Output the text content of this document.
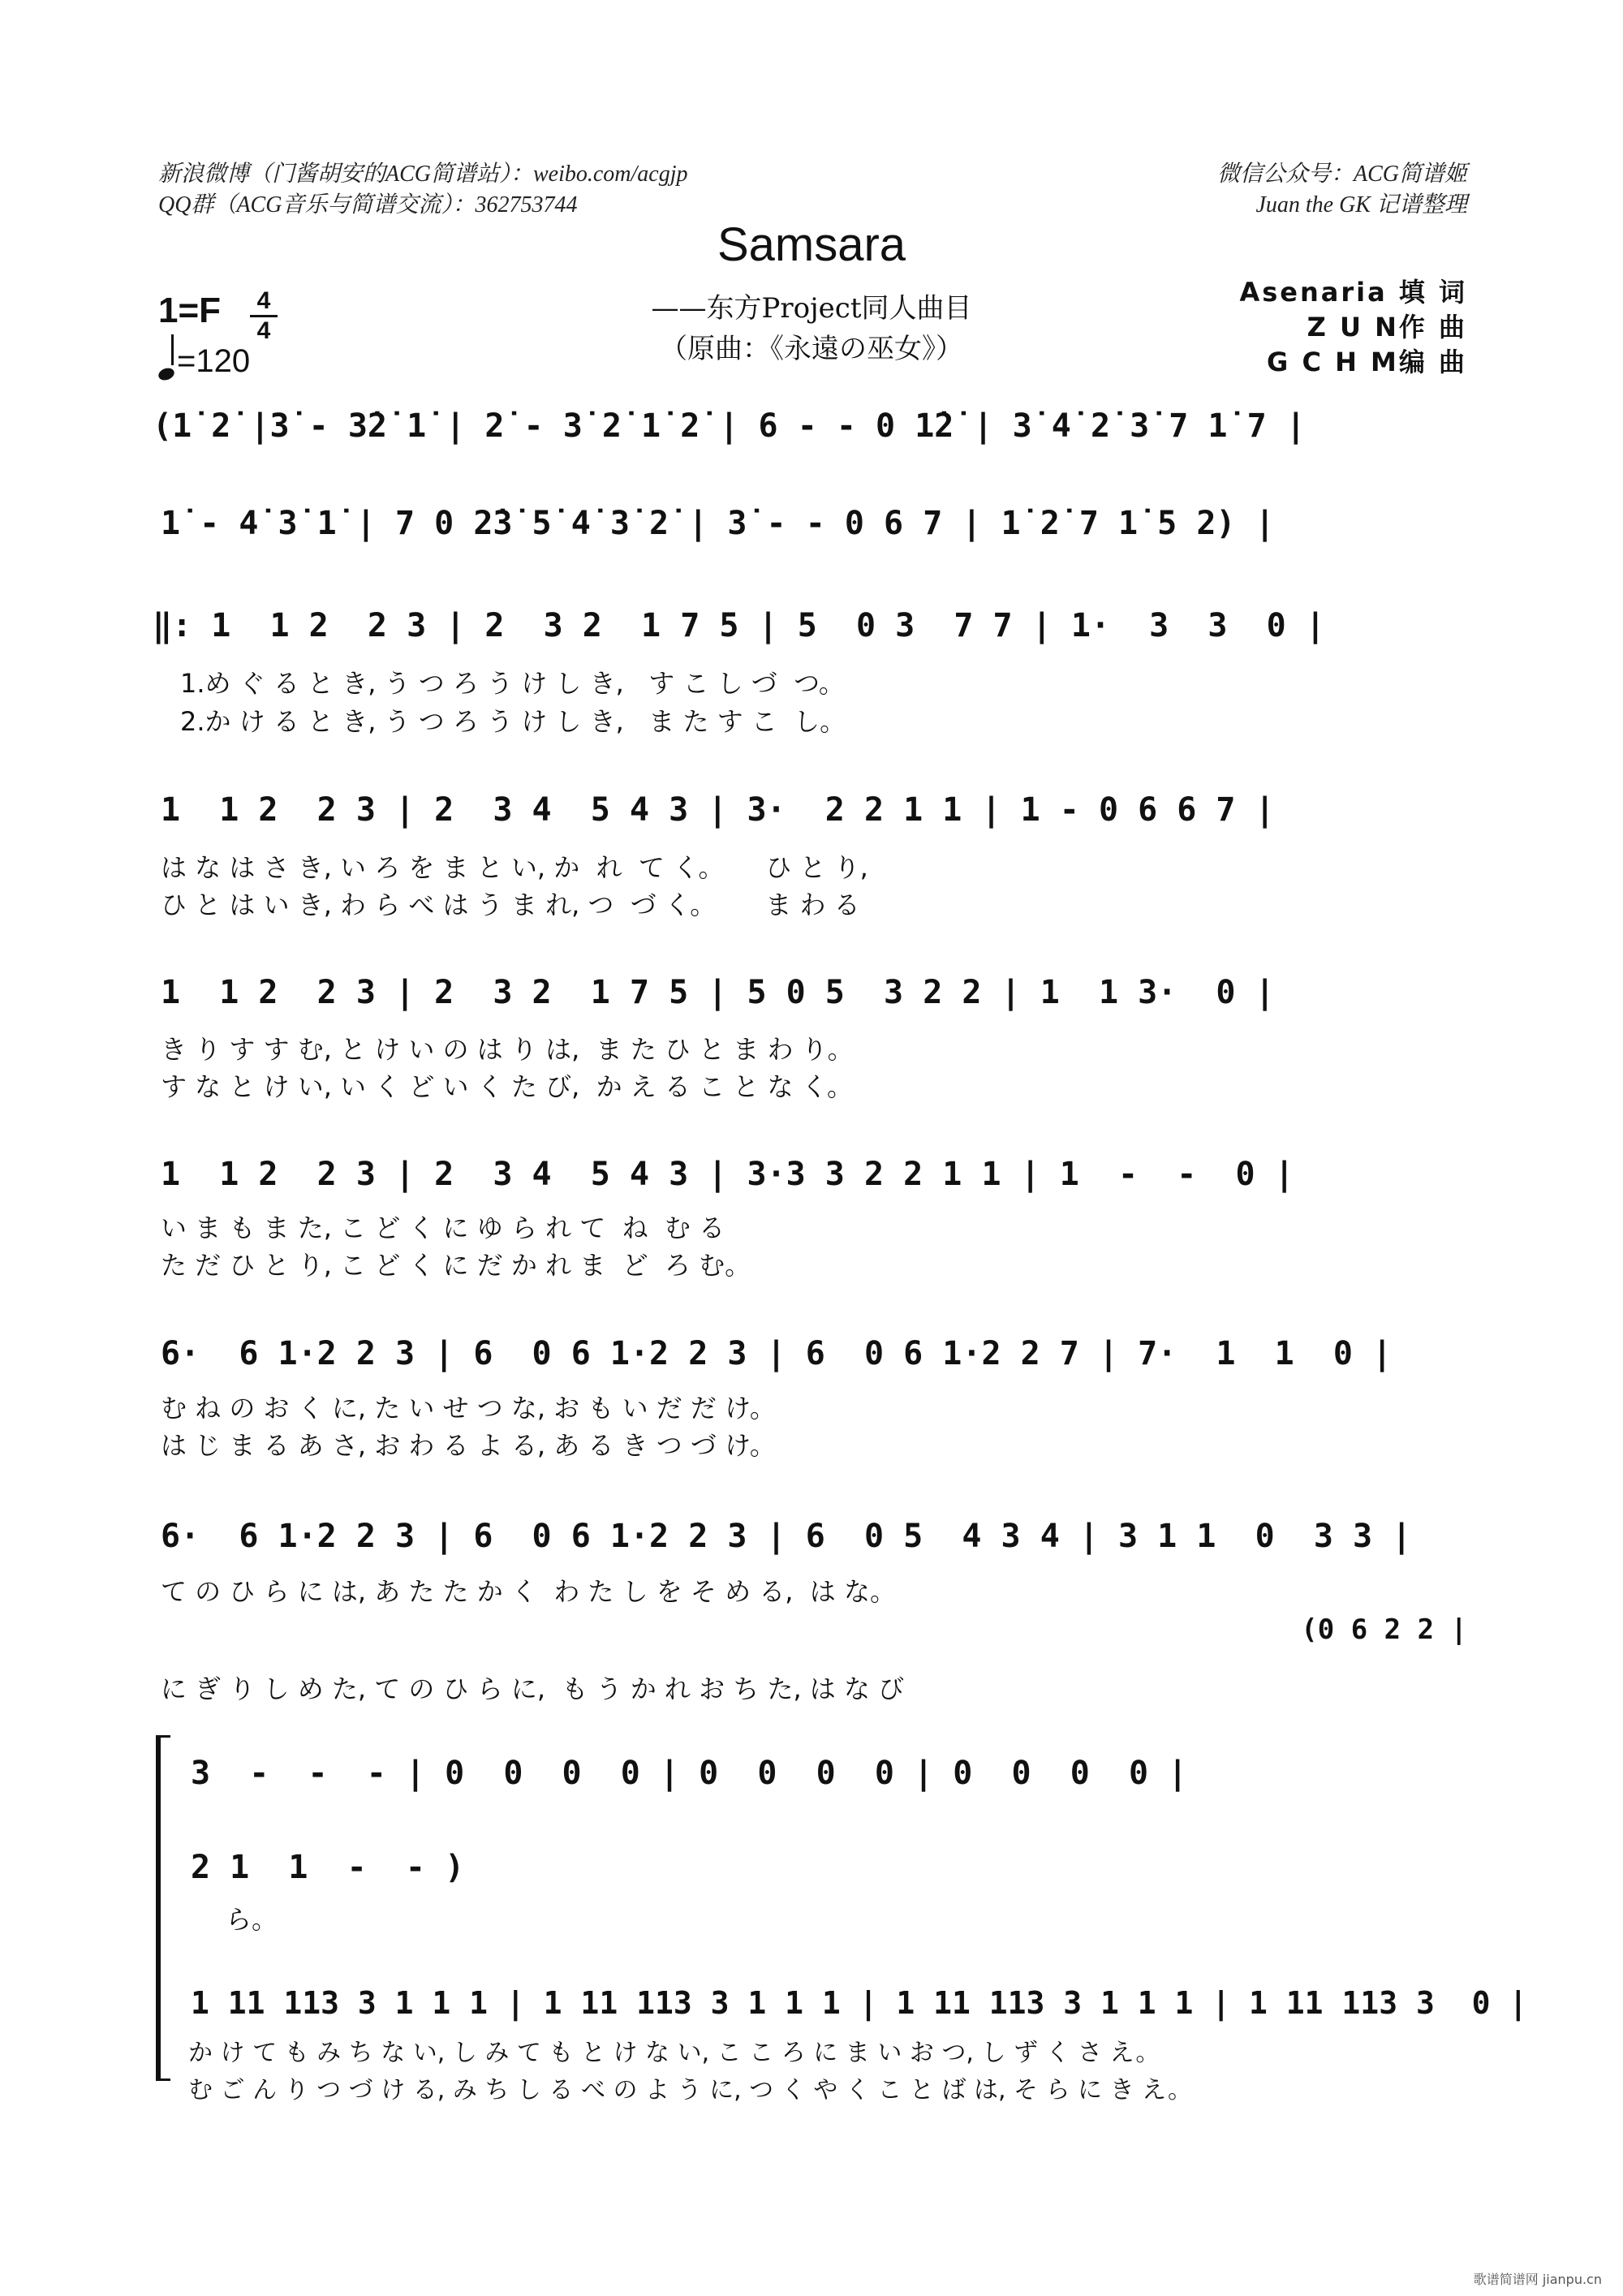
新浪微博（门酱胡安的ACG简谱站）：weibo.com/acgjp
QQ群（ACG音乐与简谱交流）：362753744
微信公众号：ACG简谱姬
Juan the GK 记谱整理
Samsara
——东方Project同人曲目
（原曲：《永遠の巫女》）
1=F 4
4
=120
Asenaria 填 词
Z U N作 曲
G C H M编 曲
(1̇ 2̇ |3̇ - 3̇2̇ 1̇ | 2̇ - 3̇ 2̇ 1̇ 2̇ | 6 - - 0 1̇2̇ | 3̇ 4̇ 2̇ 3̇ 7 1̇ 7 |
1̇ - 4̇ 3̇ 1̇ | 7 0 2̇3̇ 5̇ 4̇ 3̇ 2̇ | 3̇ - - 0 6 7 | 1̇ 2̇ 7 1̇ 5 2) |
‖: 1  1 2  2 3 | 2  3 2  1 7 5 | 5  0 3  7 7 | 1·  3  3  0 |
1.め ぐ る と き, う つ ろ う け し き,   す こ し づ  つ。
2.か け る と き, う つ ろ う け し き,   ま た す こ  し。
1  1 2  2 3 | 2  3 4  5 4 3 | 3·  2 2 1 1 | 1 - 0 6 6 7 |
は な は さ き, い ろ を ま と い, か  れ  て く。     ひ と り,
ひ と は い き, わ ら べ は う ま れ, つ  づ く。      ま わ る
1  1 2  2 3 | 2  3 2  1 7 5 | 5 0 5  3 2 2 | 1  1 3·  0 |
き り す す む, と け い の は り は,  ま た ひ と ま わ り。
す な と け い, い く ど い く た び,  か え る こ と な く。
1  1 2  2 3 | 2  3 4  5 4 3 | 3·3 3 2 2 1 1 | 1  -  -  0 |
い ま も ま た, こ ど く に ゆ ら れ て  ね  む る
た だ ひ と り, こ ど く に だ か れ ま  ど  ろ む。
6·  6 1·2 2 3 | 6  0 6 1·2 2 3 | 6  0 6 1·2 2 7 | 7·  1  1  0 |
む ね の お く に, た い せ つ な, お も い だ だ け。
は じ ま る あ さ, お わ る よ る, あ る き つ づ け。
6·  6 1·2 2 3 | 6  0 6 1·2 2 3 | 6  0 5  4 3 4 | 3 1 1  0  3 3 |
て の ひ ら に は, あ た た か く  わ た し を そ め る,  は な。
(0 6 2 2 |
に ぎ り し め た, て の ひ ら に,  も う か れ お ち た, は な び
3  -  -  - | 0  0  0  0 | 0  0  0  0 | 0  0  0  0 |
2 1  1  -  - )
ら。
1 11 113 3 1 1 1 | 1 11 113 3 1 1 1 | 1 11 113 3 1 1 1 | 1 11 113 3  0 |
か け て も み ち な い, し み て も と け な い, こ こ ろ に ま い お つ, し ず く さ え。
む ご ん り つ づ け る, み ち し る べ の よ う に, つ く や く こ と ば は, そ ら に き え。
歌谱简谱网 jianpu.cn
